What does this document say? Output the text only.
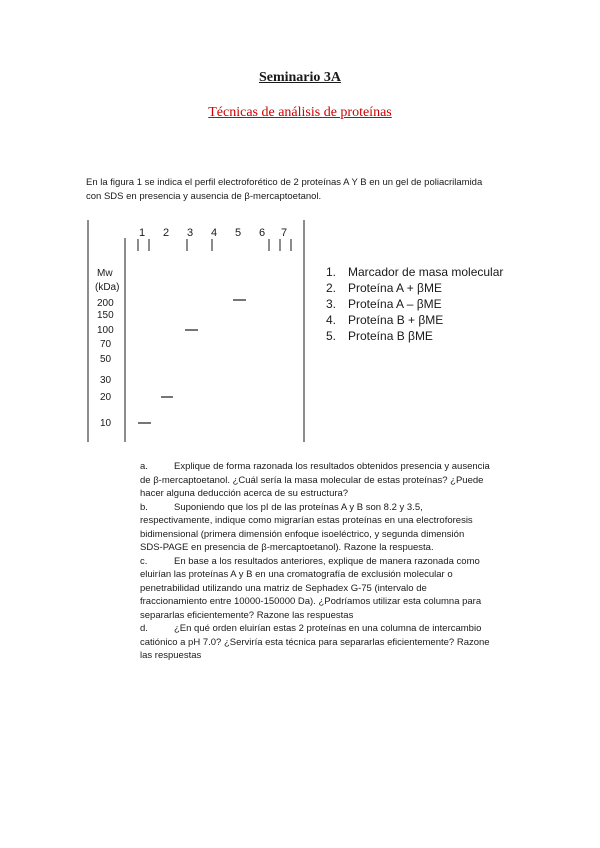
Seminario 3A
Técnicas de análisis de proteínas

En la figura 1 se indica el perfil electroforético de 2 proteínas A Y B en un gel de poliacrilamida

con SDS en presencia y ausencia de β-mercaptoetanol.

1 2 3 4 5 6 7
Mw
(kDa)
200
150
100
70
50
30
20
10
1. Marcador de masa molecular
2. Proteína A + βME
3. Proteína A – βME
4. Proteína B + βME
5. Proteína B βME
a.	Explique de forma razonada los resultados obtenidos presencia y ausencia
de β-mercaptoetanol. ¿Cuál sería la masa molecular de estas proteínas? ¿Puede
hacer alguna deducción acerca de su estructura?
b.	Suponiendo que los pI de las proteínas A y B son 8.2 y 3.5,
respectivamente, indique como migrarían estas proteínas en una electroforesis
bidimensional (primera dimensión enfoque isoeléctrico, y segunda dimensión
SDS-PAGE en presencia de β-mercaptoetanol). Razone la respuesta.
c.	En base a los resultados anteriores, explique de manera razonada como
eluirían las proteínas A y B en una cromatografía de exclusión molecular o
penetrabilidad utilizando una matriz de Sephadex G-75 (intervalo de
fraccionamiento entre 10000-150000 Da). ¿Podríamos utilizar esta columna para
separarlas eficientemente? Razone las respuestas
d.	¿En qué orden eluirían estas 2 proteínas en una columna de intercambio
catiónico a pH 7.0? ¿Serviría esta técnica para separarlas eficientemente? Razone
las respuestas
